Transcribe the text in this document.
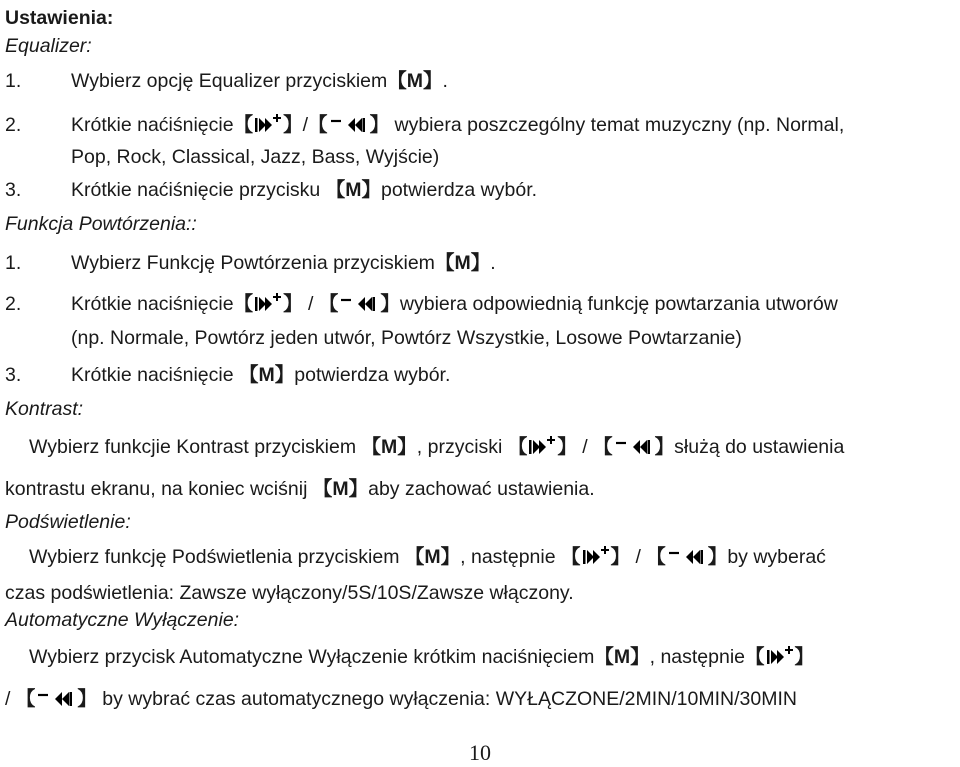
Ustawienia:
Equalizer:
1.	Wybierz opcję Equalizer przyciskiem【M】.
2.	Krótkie naćiśnięcie【 】/【 】 wybiera poszczególny temat muzyczny (np. Normal,
Pop, Rock, Classical, Jazz, Bass, Wyjście)
3.	Krótkie naćiśnięcie przycisku 【M】potwierdza wybór.
Funkcja Powtórzenia::
1.	Wybierz Funkcję Powtórzenia przyciskiem【M】.
2.	Krótkie naciśnięcie【 】 / 【 】wybiera odpowiednią funkcję powtarzania utworów
(np. Normale, Powtórz jeden utwór, Powtórz Wszystkie, Losowe Powtarzanie)
3.	Krótkie naciśnięcie 【M】potwierdza wybór.
Kontrast:
Wybierz funkcjie Kontrast przyciskiem 【M】, przyciski 【 】 / 【 】służą do ustawienia
kontrastu ekranu, na koniec wciśnij 【M】aby zachować ustawienia.
Podświetlenie:
Wybierz funkcję Podświetlenia przyciskiem 【M】, następnie 【 】 / 【 】by wyberać
czas podświetlenia: Zawsze wyłączony/5S/10S/Zawsze włączony.
Automatyczne Wyłączenie:
Wybierz przycisk Automatyczne Wyłączenie krótkim naciśnięciem【M】, następnie【 】
/ 【 】 by wybrać czas automatycznego wyłączenia: WYŁĄCZONE/2MIN/10MIN/30MIN
10
